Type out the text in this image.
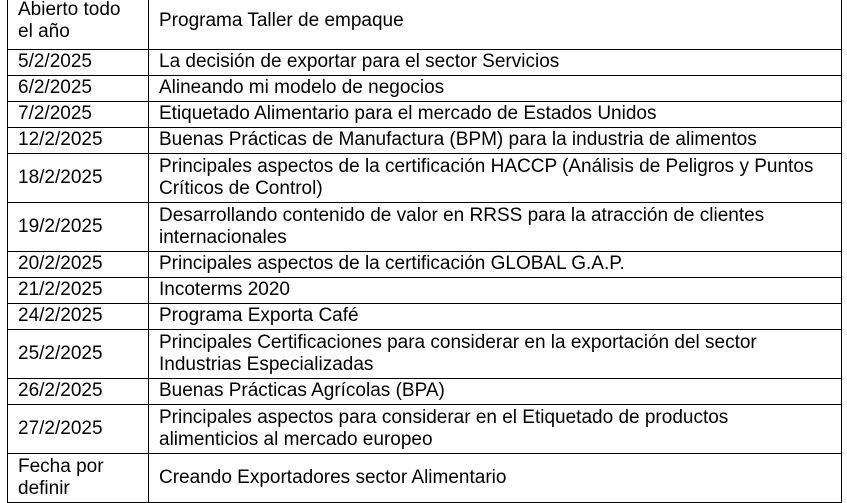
Abierto todo el año	Programa Taller de empaque
5/2/2025	La decisión de exportar para el sector Servicios
6/2/2025	Alineando mi modelo de negocios
7/2/2025	Etiquetado Alimentario para el mercado de Estados Unidos
12/2/2025	Buenas Prácticas de Manufactura (BPM) para la industria de alimentos
18/2/2025	Principales aspectos de la certificación HACCP (Análisis de Peligros y Puntos Críticos de Control)
19/2/2025	Desarrollando contenido de valor en RRSS para la atracción de clientes internacionales
20/2/2025	Principales aspectos de la certificación GLOBAL G.A.P.
21/2/2025	Incoterms 2020
24/2/2025	Programa Exporta Café
25/2/2025	Principales Certificaciones para considerar en la exportación del sector Industrias Especializadas
26/2/2025	Buenas Prácticas Agrícolas (BPA)
27/2/2025	Principales aspectos para considerar en el Etiquetado de productos alimenticios al mercado europeo
Fecha por definir	Creando Exportadores sector Alimentario
